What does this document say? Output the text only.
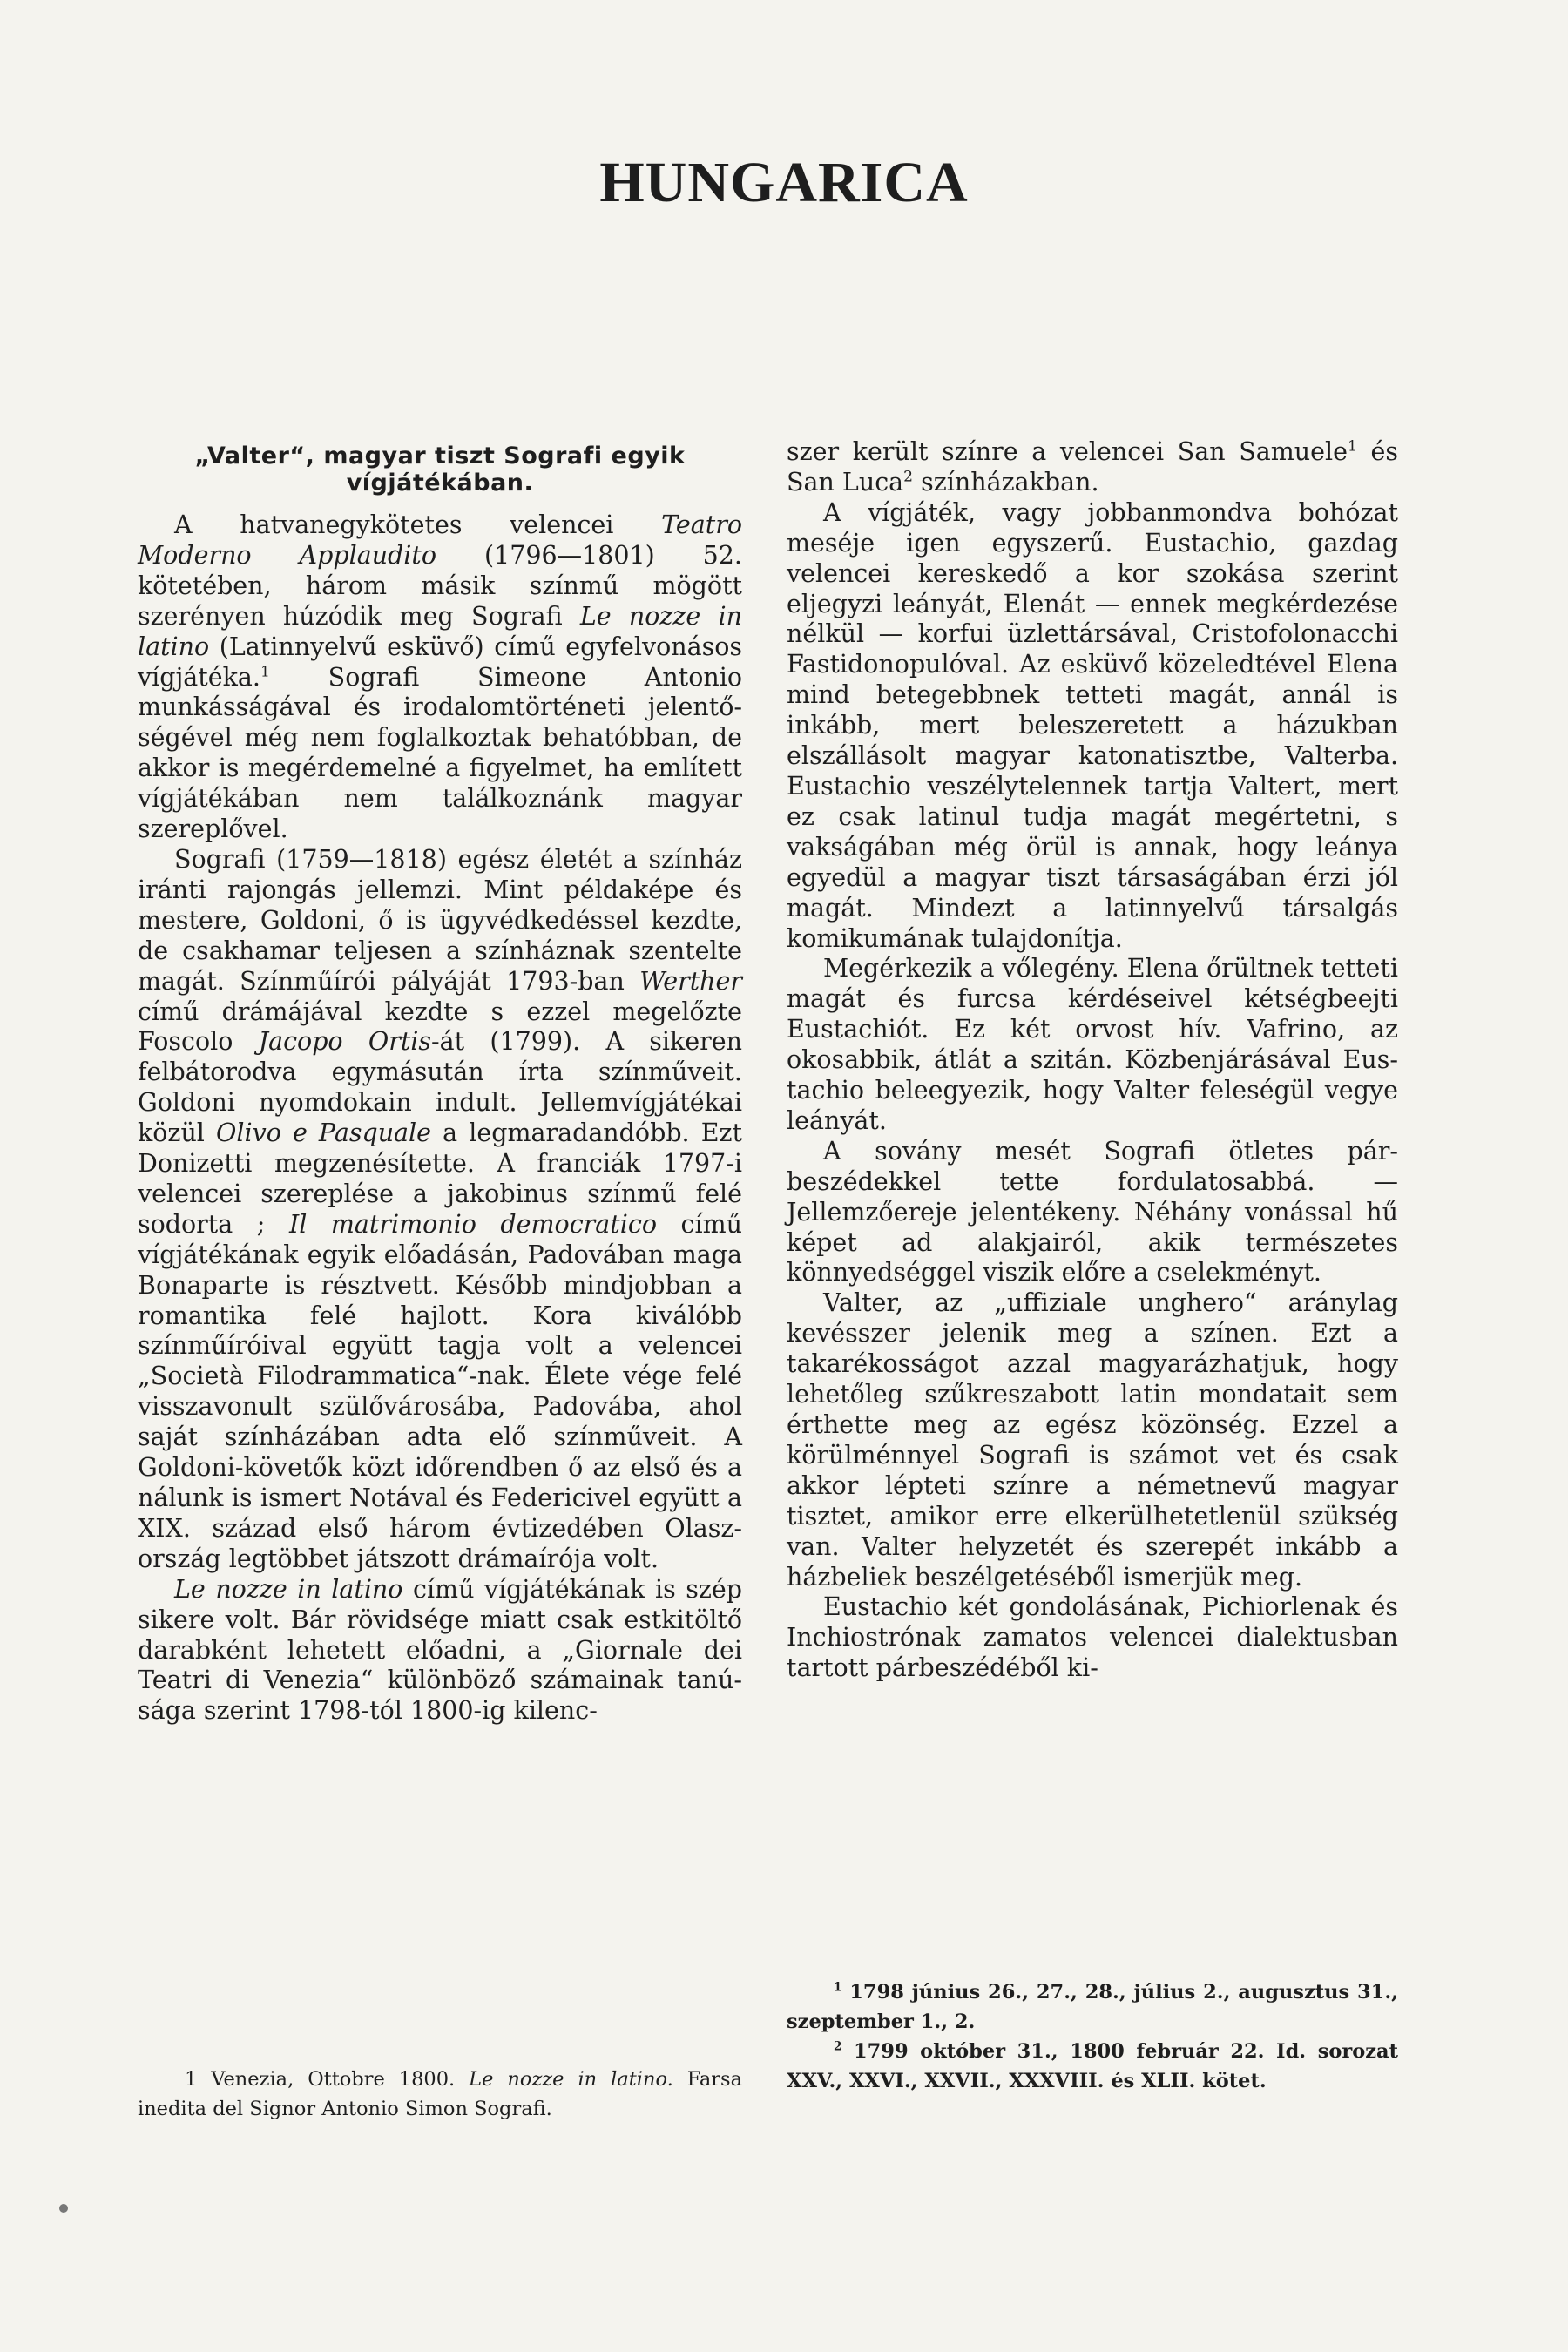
HUNGARICA

„Valter“, magyar tiszt Sografi egyik vígjátékában.

A hatvanegykötetes velencei Teatro Moderno Applaudito (1796—1801) 52. kötetében, három másik színmű mögött szerényen húzódik meg Sografi Le nozze in latino (Latinnyelvű esküvő) című egyfelvonásos vígjátéka.$^1$ Sografi Simeone Antonio munkásságával és irodalomtörténeti jelentőségével még nem foglalkoztak behatóbban, de akkor is megérdemelné a figyelmet, ha említett vígjátékában nem találkoznánk magyar szereplővel.

Sografi (1759—1818) egész életét a színház iránti rajongás jellemzi. Mint példaképe és mestere, Goldoni, ő is ügyvédkedéssel kezdte, de csakhamar teljesen a színháznak szentelte magát. Színműírói pályáját 1793-ban Werther című drámájával kezdte s ezzel megelőzte Foscolo Jacopo Ortis-át (1799). A sikeren felbátorodva egymásután írta színműveit. Goldoni nyomdokain indult. Jellemvígjátékai közül Olivo e Pasquale a legmaradandóbb. Ezt Donizetti megzenésítette. A franciák 1797-i velencei szereplése a jakobinus színmű felé sodorta ; Il matrimonio democratico című vígjátékának egyik előadásán, Padovában maga Bonaparte is résztvett. Később mindjobban a romantika felé hajlott. Kora kiválóbb színműíróival együtt tagja volt a velencei „Società Filodrammatica“-nak. Élete vége felé visszavonult szülővárosába, Padovába, ahol saját színházában adta elő színműveit. A Goldoni-követők közt időrendben ő az első és a nálunk is ismert Notával és Federicivel együtt a XIX. század első három évtizedében Olaszország legtöbbet játszott drámaírója volt.

Le nozze in latino című vígjátékának is szép sikere volt. Bár rövidsége miatt csak estkitöltő darabként lehetett előadni, a „Giornale dei Teatri di Venezia“ különböző számainak tanúsága szerint 1798-tól 1800-ig kilenc-

szer került színre a velencei San Samuele$^1$ és San Luca$^2$ színházakban.

A vígjáték, vagy jobbanmondva bohózat meséje igen egyszerű. Eustachio, gazdag velencei kereskedő a kor szokása szerint eljegyzi leányát, Elenát — ennek megkérdezése nélkül — korfui üzlettársával, Cristofolonacchi Fastidonopulóval. Az esküvő közeledtével Elena mind betegebbnek tetteti magát, annál is inkább, mert beleszeretett a házukban elszállásolt magyar katonatisztbe, Valterba. Eustachio veszélytelennek tartja Valtert, mert ez csak latinul tudja magát megértetni, s vakságában még örül is annak, hogy leánya egyedül a magyar tiszt társaságában érzi jól magát. Mindezt a latinnyelvű társalgás komikumának tulajdonítja.

Megérkezik a vőlegény. Elena őrültnek tetteti magát és furcsa kérdéseivel kétségbeejti Eustachiót. Ez két orvost hív. Vafrino, az okosabbik, átlát a szitán. Közbenjárásával Eustachio beleegyezik, hogy Valter feleségül vegye leányát.

A sovány mesét Sografi ötletes párbeszédekkel tette fordulatosabbá. — Jellemzőereje jelentékeny. Néhány vonással hű képet ad alakjairól, akik természetes könnyedséggel viszik előre a cselekményt.

Valter, az „uffiziale unghero“ aránylag kevésszer jelenik meg a színen. Ezt a takarékosságot azzal magyarázhatjuk, hogy lehetőleg szűkreszabott latin mondatait sem érthette meg az egész közönség. Ezzel a körülménnyel Sografi is számot vet és csak akkor lépteti színre a németnevű magyar tisztet, amikor erre elkerülhetetlenül szükség van. Valter helyzetét és szerepét inkább a házbeliek beszélgetéséből ismerjük meg.

Eustachio két gondolásának, Pichiorlenak és Inchiostrónak zamatos velencei dialektusban tartott párbeszédéből ki-

1 Venezia, Ottobre 1800. Le nozze in latino. Farsa inedita del Signor Antonio Simon Sografi.

$^1$ 1798 június 26., 27., 28., július 2., augusztus 31., szeptember 1., 2.

$^2$ 1799 október 31., 1800 február 22. Id. sorozat XXV., XXVI., XXVII., XXXVIII. és XLII. kötet.
